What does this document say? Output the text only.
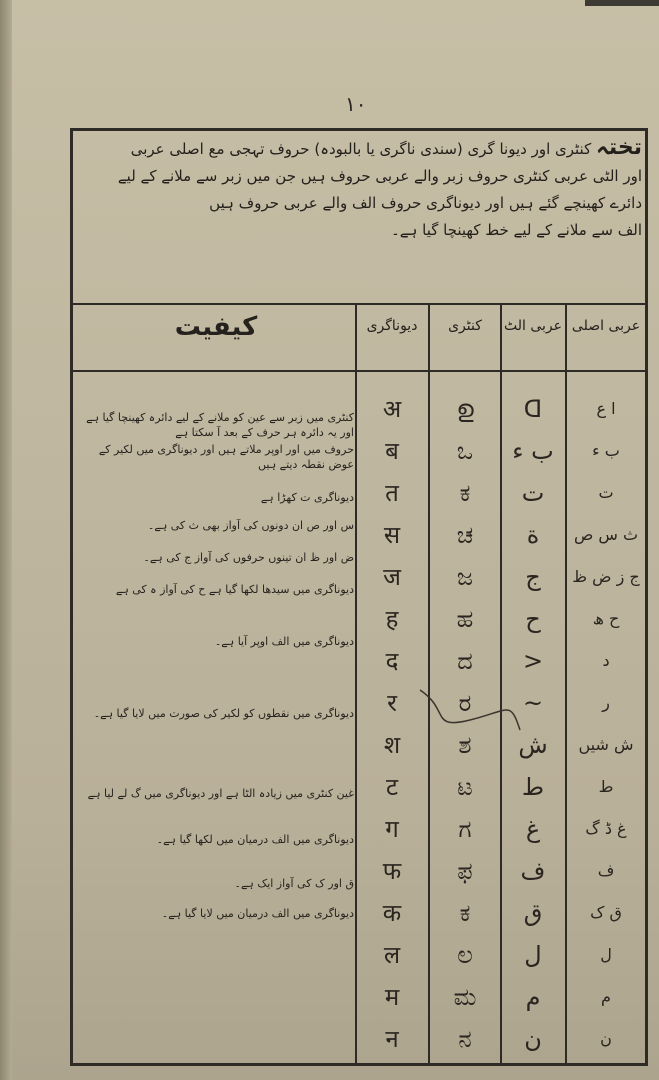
۱۰
تختہ کنٹری اور دیونا گری (سندی ناگری یا بالبودہ) حروف تہجی مع اصلی عربی
اور الٹی عربی کنٹری حروف زبر والے عربی حروف ہیں جن میں زبر سے ملانے کے لیے
دائرے کھینچے گئے ہیں اور دیوناگری حروف الف والے عربی حروف ہیں
الف سے ملانے کے لیے خط کھینچا گیا ہے۔
عربی اصلی
عربی الٹ
کنٹری
دیوناگری
کیفیت
کنٹری میں زبر سے عین کو ملانے کے لیے دائرہ کھینچا گیا ہے اور یہ دائرہ ہر حرف کے بعد آ سکتا ہے
حروف میں اور اوپر ملاتے ہیں اور دیوناگری میں لکیر کے عوض نقطہ دیتے ہیں
دیوناگری ت کھڑا ہے
س اور ص ان دونوں کی آواز بھی ث کی ہے۔
ض اور ظ ان تینوں حرفوں کی آواز ج کی ہے۔
دیوناگری میں سیدھا لکھا گیا ہے ح کی آواز ہ کی ہے
دیوناگری میں الف اوپر آیا ہے۔
دیوناگری میں نقطوں کو لکیر کی صورت میں لایا گیا ہے۔
غین کنٹری میں زیادہ الٹا ہے اور دیوناگری میں گ لے لیا ہے
دیوناگری میں الف درمیان میں لکھا گیا ہے۔
ق اور ک کی آواز ایک ہے۔
دیوناگری میں الف درمیان میں لایا گیا ہے۔
ا ع
ꓷ
ഉ
अ
ب ء
ب ء
ಒ
ब
ت
ت
ಕ
त
ث س ص
ة
ಚ
स
ج ز ض ظ
ج
ಜ
ज
ح ھ
ح
ಹ
ह
د
<
ದ
द
ر
~
ರ
र
ش شیں
ش
ಶ
श
ط
ط
ಟ
ट
غ ڈ گ
غ
ಗ
ग
ف
ف
ಫ
फ
ق ک
ق
ಕ
क
ل
ل
ಲ
ल
م
م
ಮ
म
ن
ن
ನ
न
